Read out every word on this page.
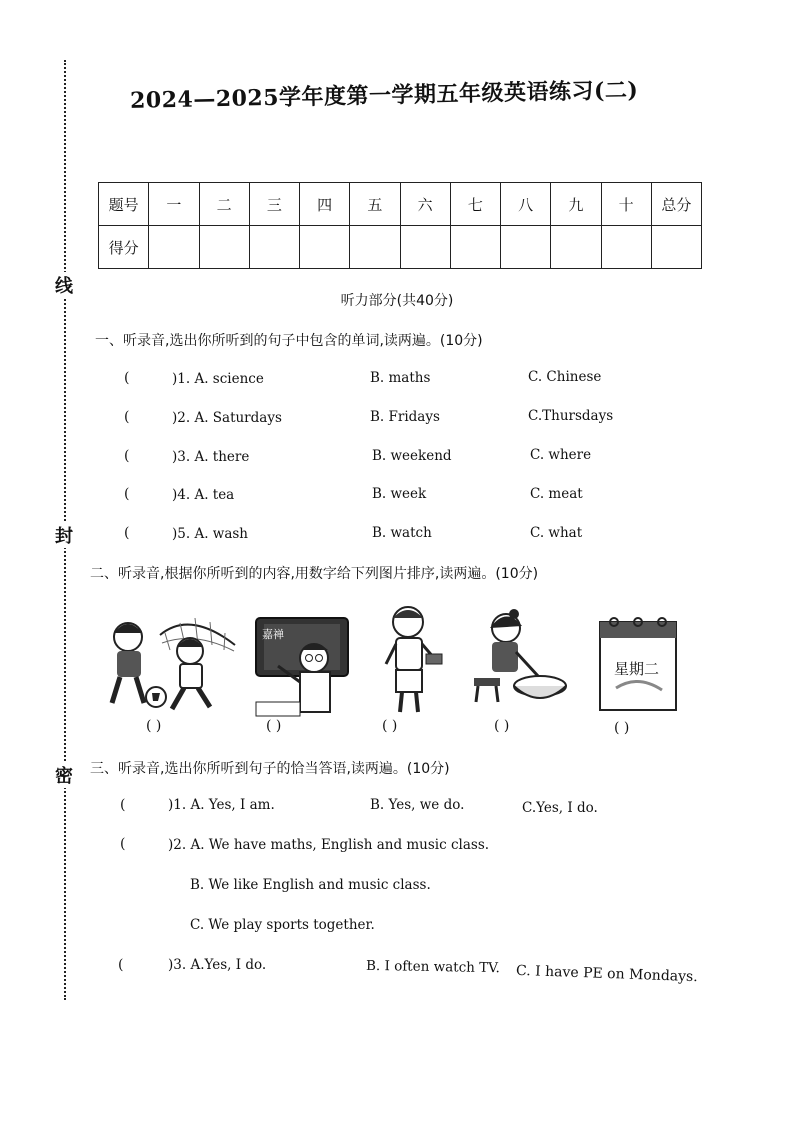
线
封
密
2024—2025学年度第一学期五年级英语练习(二)
题号	一	二	三	四	五	六	七	八	九	十	总分
得分											
听力部分(共40分)
一、听录音,选出你所听到的句子中包含的单词,读两遍。(10分)
(	)1. A. science	B. maths	C. Chinese
(	)2. A. Saturdays	B. Fridays	C.Thursdays
(	)3. A. there	B. weekend	C. where
(	)4. A. tea	B. week	C. meat
(	)5. A. wash	B. watch	C. what
二、听录音,根据你所听到的内容,用数字给下列图片排序,读两遍。(10分)
嘉禅
星期二
( )	( )	( )	( )	( )
三、听录音,选出你所听到句子的恰当答语,读两遍。(10分)
(	)1. A. Yes, I am.	B. Yes, we do.	C.Yes, I do.
(	)2. A. We have maths, English and music class.
B. We like English and music class.
C. We play sports together.
(	)3. A.Yes, I do.	B. I often watch TV. C. I have PE on Mondays.
